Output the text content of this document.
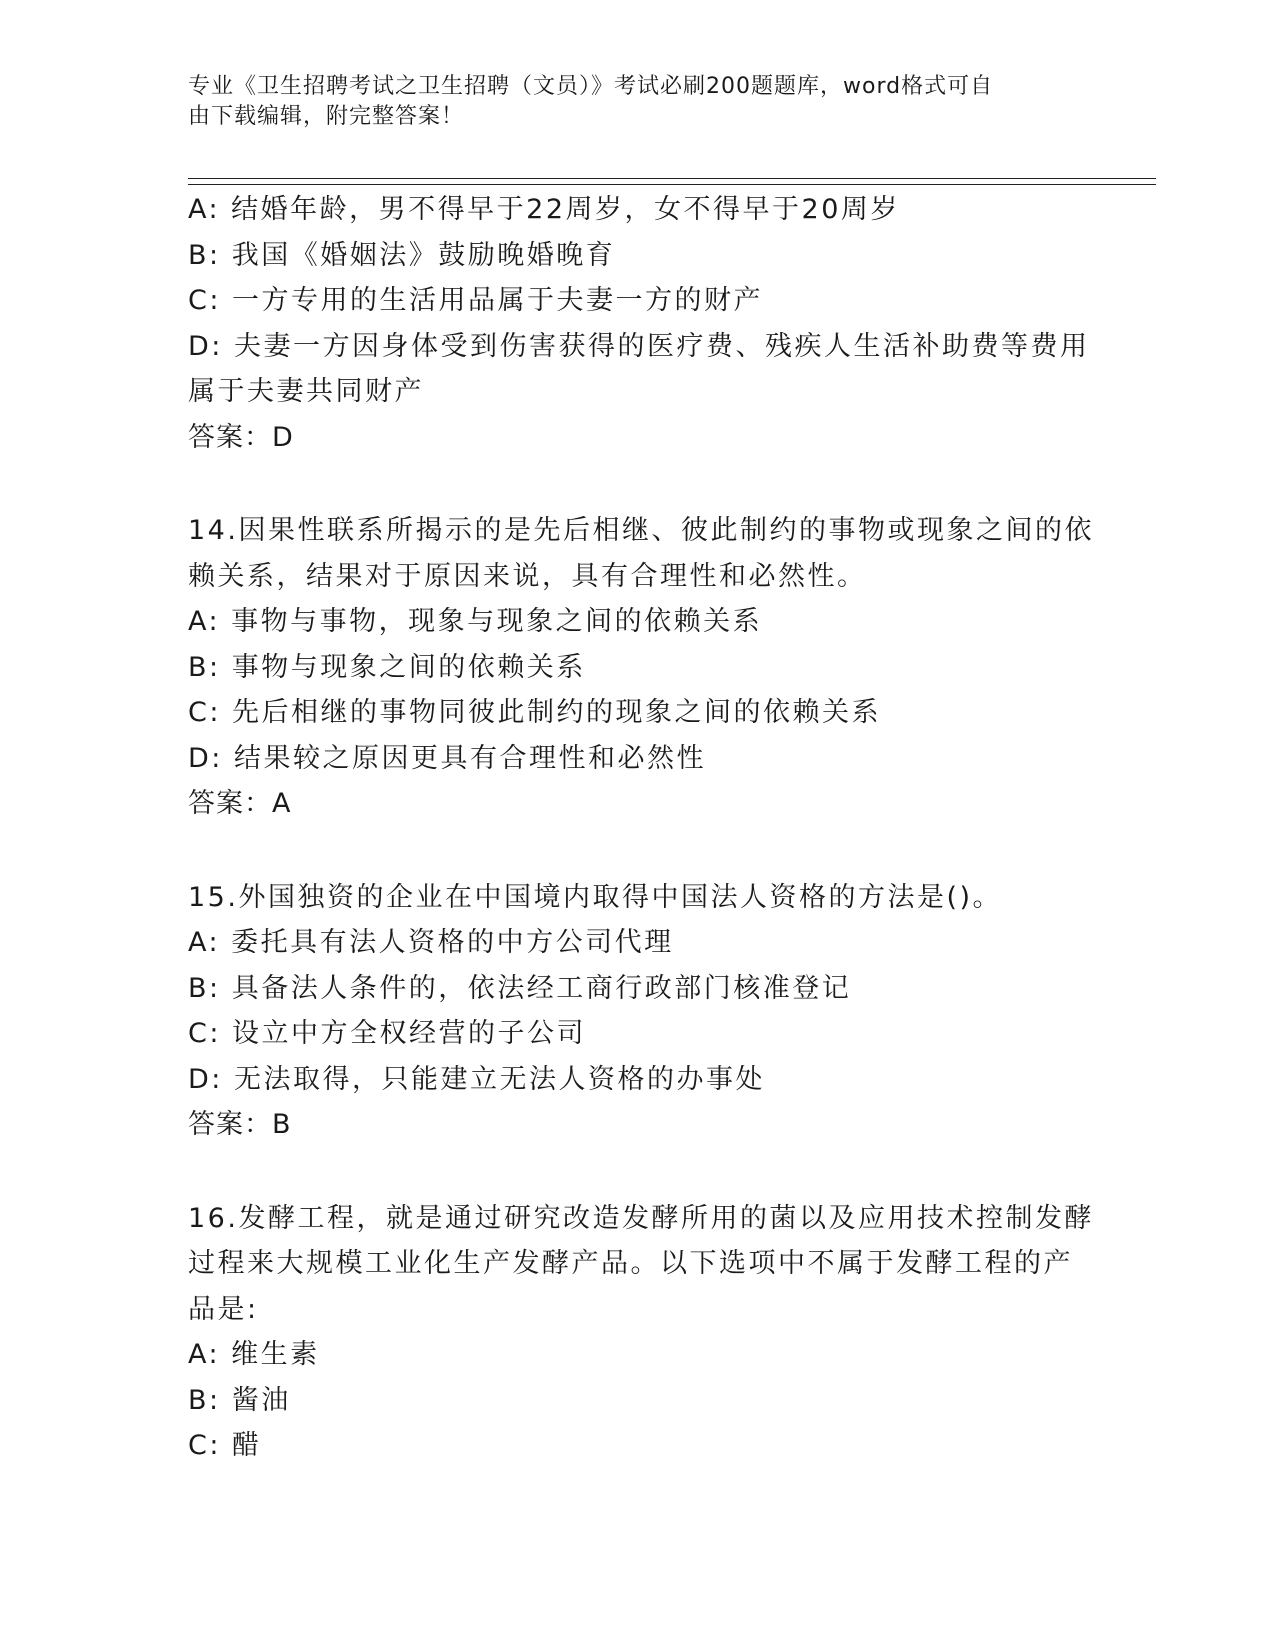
专业《卫生招聘考试之卫生招聘（文员）》考试必刷200题题库，word格式可自
由下载编辑，附完整答案！
A: 结婚年龄，男不得早于22周岁，女不得早于20周岁
B: 我国《婚姻法》鼓励晚婚晚育
C: 一方专用的生活用品属于夫妻一方的财产
D: 夫妻一方因身体受到伤害获得的医疗费、残疾人生活补助费等费用
属于夫妻共同财产
答案：D
14.因果性联系所揭示的是先后相继、彼此制约的事物或现象之间的依
赖关系，结果对于原因来说，具有合理性和必然性。
A: 事物与事物，现象与现象之间的依赖关系
B: 事物与现象之间的依赖关系
C: 先后相继的事物同彼此制约的现象之间的依赖关系
D: 结果较之原因更具有合理性和必然性
答案：A
15.外国独资的企业在中国境内取得中国法人资格的方法是()。
A: 委托具有法人资格的中方公司代理
B: 具备法人条件的，依法经工商行政部门核准登记
C: 设立中方全权经营的子公司
D: 无法取得，只能建立无法人资格的办事处
答案：B
16.发酵工程，就是通过研究改造发酵所用的菌以及应用技术控制发酵
过程来大规模工业化生产发酵产品。以下选项中不属于发酵工程的产
品是:
A: 维生素
B: 酱油
C: 醋
